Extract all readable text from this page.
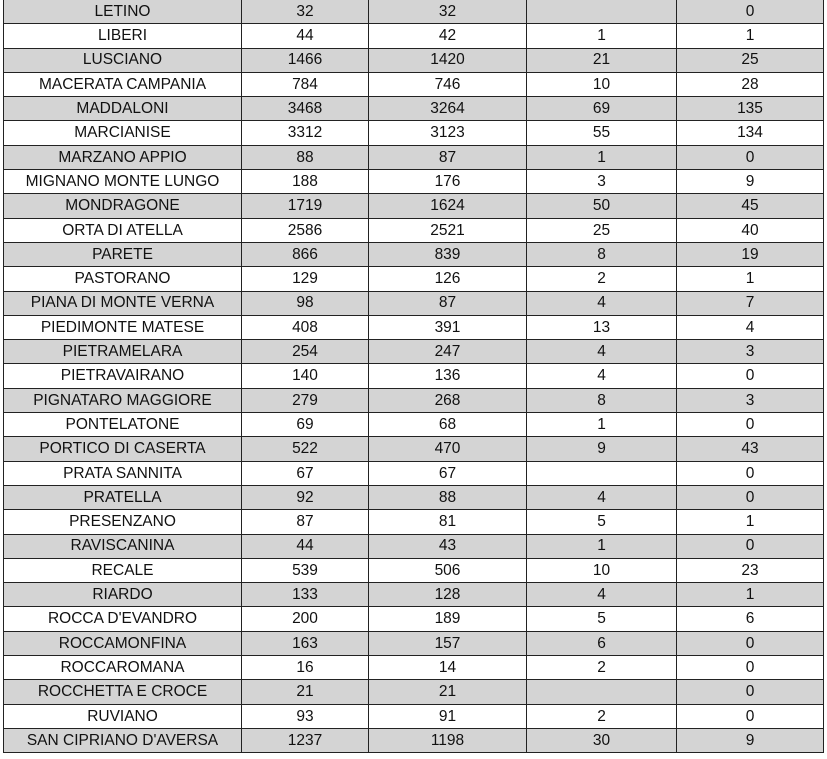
LETINO	32	32		0
LIBERI	44	42	1	1
LUSCIANO	1466	1420	21	25
MACERATA CAMPANIA	784	746	10	28
MADDALONI	3468	3264	69	135
MARCIANISE	3312	3123	55	134
MARZANO APPIO	88	87	1	0
MIGNANO MONTE LUNGO	188	176	3	9
MONDRAGONE	1719	1624	50	45
ORTA DI ATELLA	2586	2521	25	40
PARETE	866	839	8	19
PASTORANO	129	126	2	1
PIANA DI MONTE VERNA	98	87	4	7
PIEDIMONTE MATESE	408	391	13	4
PIETRAMELARA	254	247	4	3
PIETRAVAIRANO	140	136	4	0
PIGNATARO MAGGIORE	279	268	8	3
PONTELATONE	69	68	1	0
PORTICO DI CASERTA	522	470	9	43
PRATA SANNITA	67	67		0
PRATELLA	92	88	4	0
PRESENZANO	87	81	5	1
RAVISCANINA	44	43	1	0
RECALE	539	506	10	23
RIARDO	133	128	4	1
ROCCA D'EVANDRO	200	189	5	6
ROCCAMONFINA	163	157	6	0
ROCCAROMANA	16	14	2	0
ROCCHETTA E CROCE	21	21		0
RUVIANO	93	91	2	0
SAN CIPRIANO D'AVERSA	1237	1198	30	9
